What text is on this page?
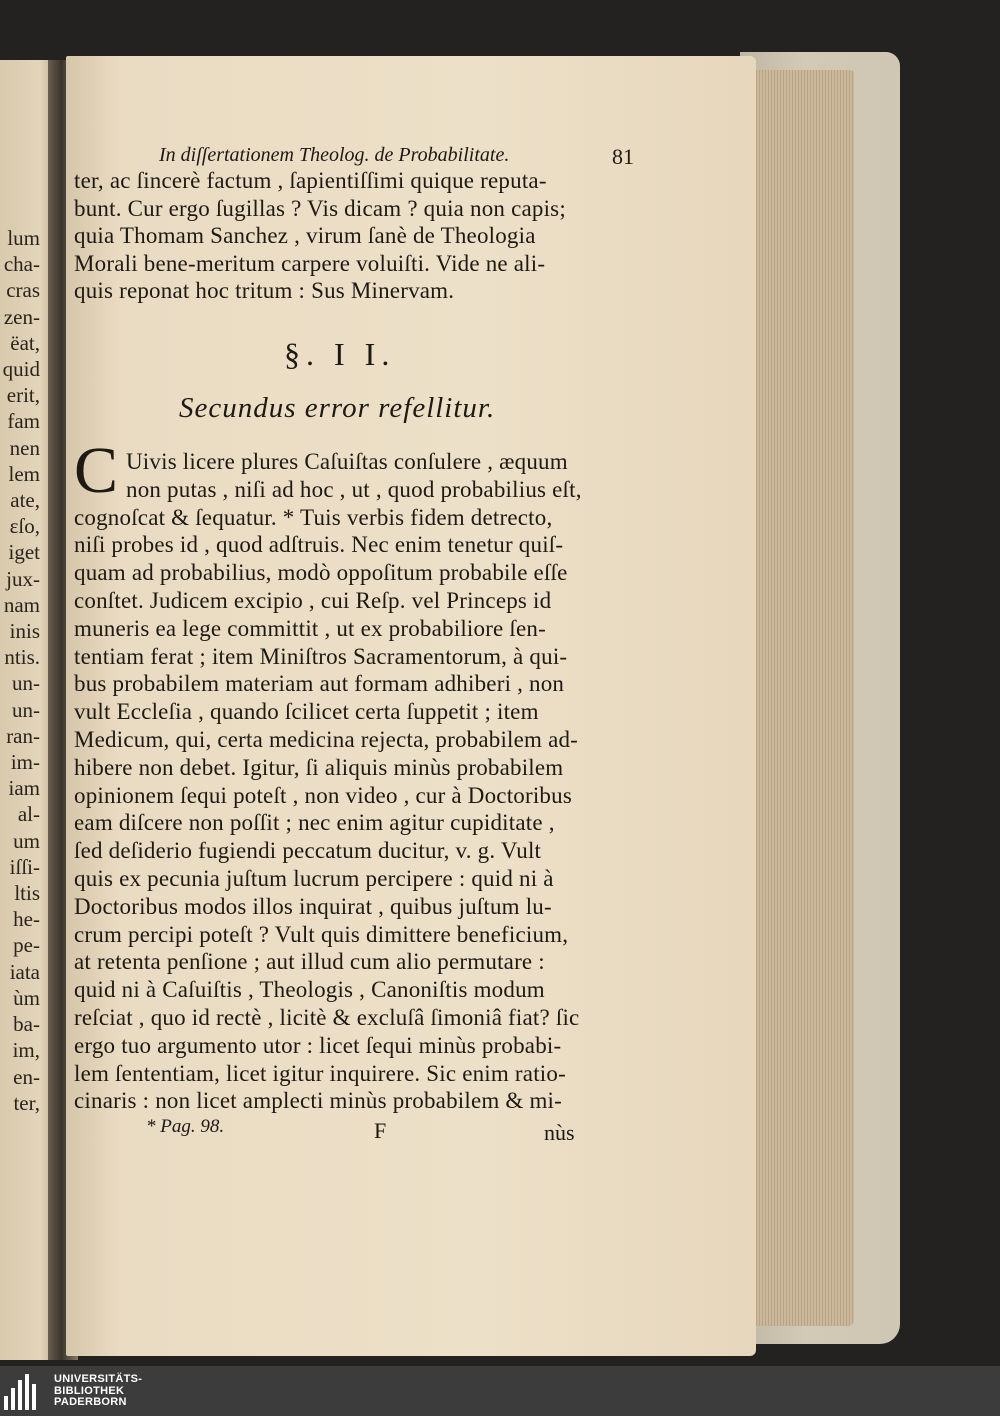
lum
cha-
cras
zen-
ëat,
quid
erit,
fam
nen
lem
ate,
ɛſo,
iget
jux-
nam
inis
ntis.
un-
un-
ran-
im-
iam
al-
um
iſſi-
ltis
he-
pe-
iata
ùm
ba-
im,
en-
ter,
In diſſertationem Theolog. de Probabilitate.	81
ter, ac ſincerè factum , ſapientiſſimi quique reputa-
bunt. Cur ergo ſugillas ? Vis dicam ? quia non capis;
quia Thomam Sanchez , virum ſanè de Theologia
Morali bene-meritum carpere voluiſti. Vide ne ali-
quis reponat hoc tritum : Sus Minervam.
§. I I.
Secundus error refellitur.
C Uivis licere plures Caſuiſtas conſulere , æquum
non putas , niſi ad hoc , ut , quod probabilius eſt,
cognoſcat & ſequatur. * Tuis verbis fidem detrecto,
niſi probes id , quod adſtruis. Nec enim tenetur quiſ-
quam ad probabilius, modò oppoſitum probabile eſſe
conſtet. Judicem excipio , cui Reſp. vel Princeps id
muneris ea lege committit , ut ex probabiliore ſen-
tentiam ferat ; item Miniſtros Sacramentorum, à qui-
bus probabilem materiam aut formam adhiberi , non
vult Eccleſia , quando ſcilicet certa ſuppetit ; item
Medicum, qui, certa medicina rejecta, probabilem ad-
hibere non debet. Igitur, ſi aliquis minùs probabilem
opinionem ſequi poteſt , non video , cur à Doctoribus
eam diſcere non poſſit ; nec enim agitur cupiditate ,
ſed deſiderio fugiendi peccatum ducitur, v. g. Vult
quis ex pecunia juſtum lucrum percipere : quid ni à
Doctoribus modos illos inquirat , quibus juſtum lu-
crum percipi poteſt ? Vult quis dimittere beneficium,
at retenta penſione ; aut illud cum alio permutare :
quid ni à Caſuiſtis , Theologis , Canoniſtis modum
reſciat , quo id rectè , licitè & excluſâ ſimoniâ fiat? ſic
ergo tuo argumento utor : licet ſequi minùs probabi-
lem ſententiam, licet igitur inquirere. Sic enim ratio-
cinaris : non licet amplecti minùs probabilem & mi-
* Pag. 98.	F	nùs
UNIVERSITÄTS-
BIBLIOTHEK
PADERBORN
